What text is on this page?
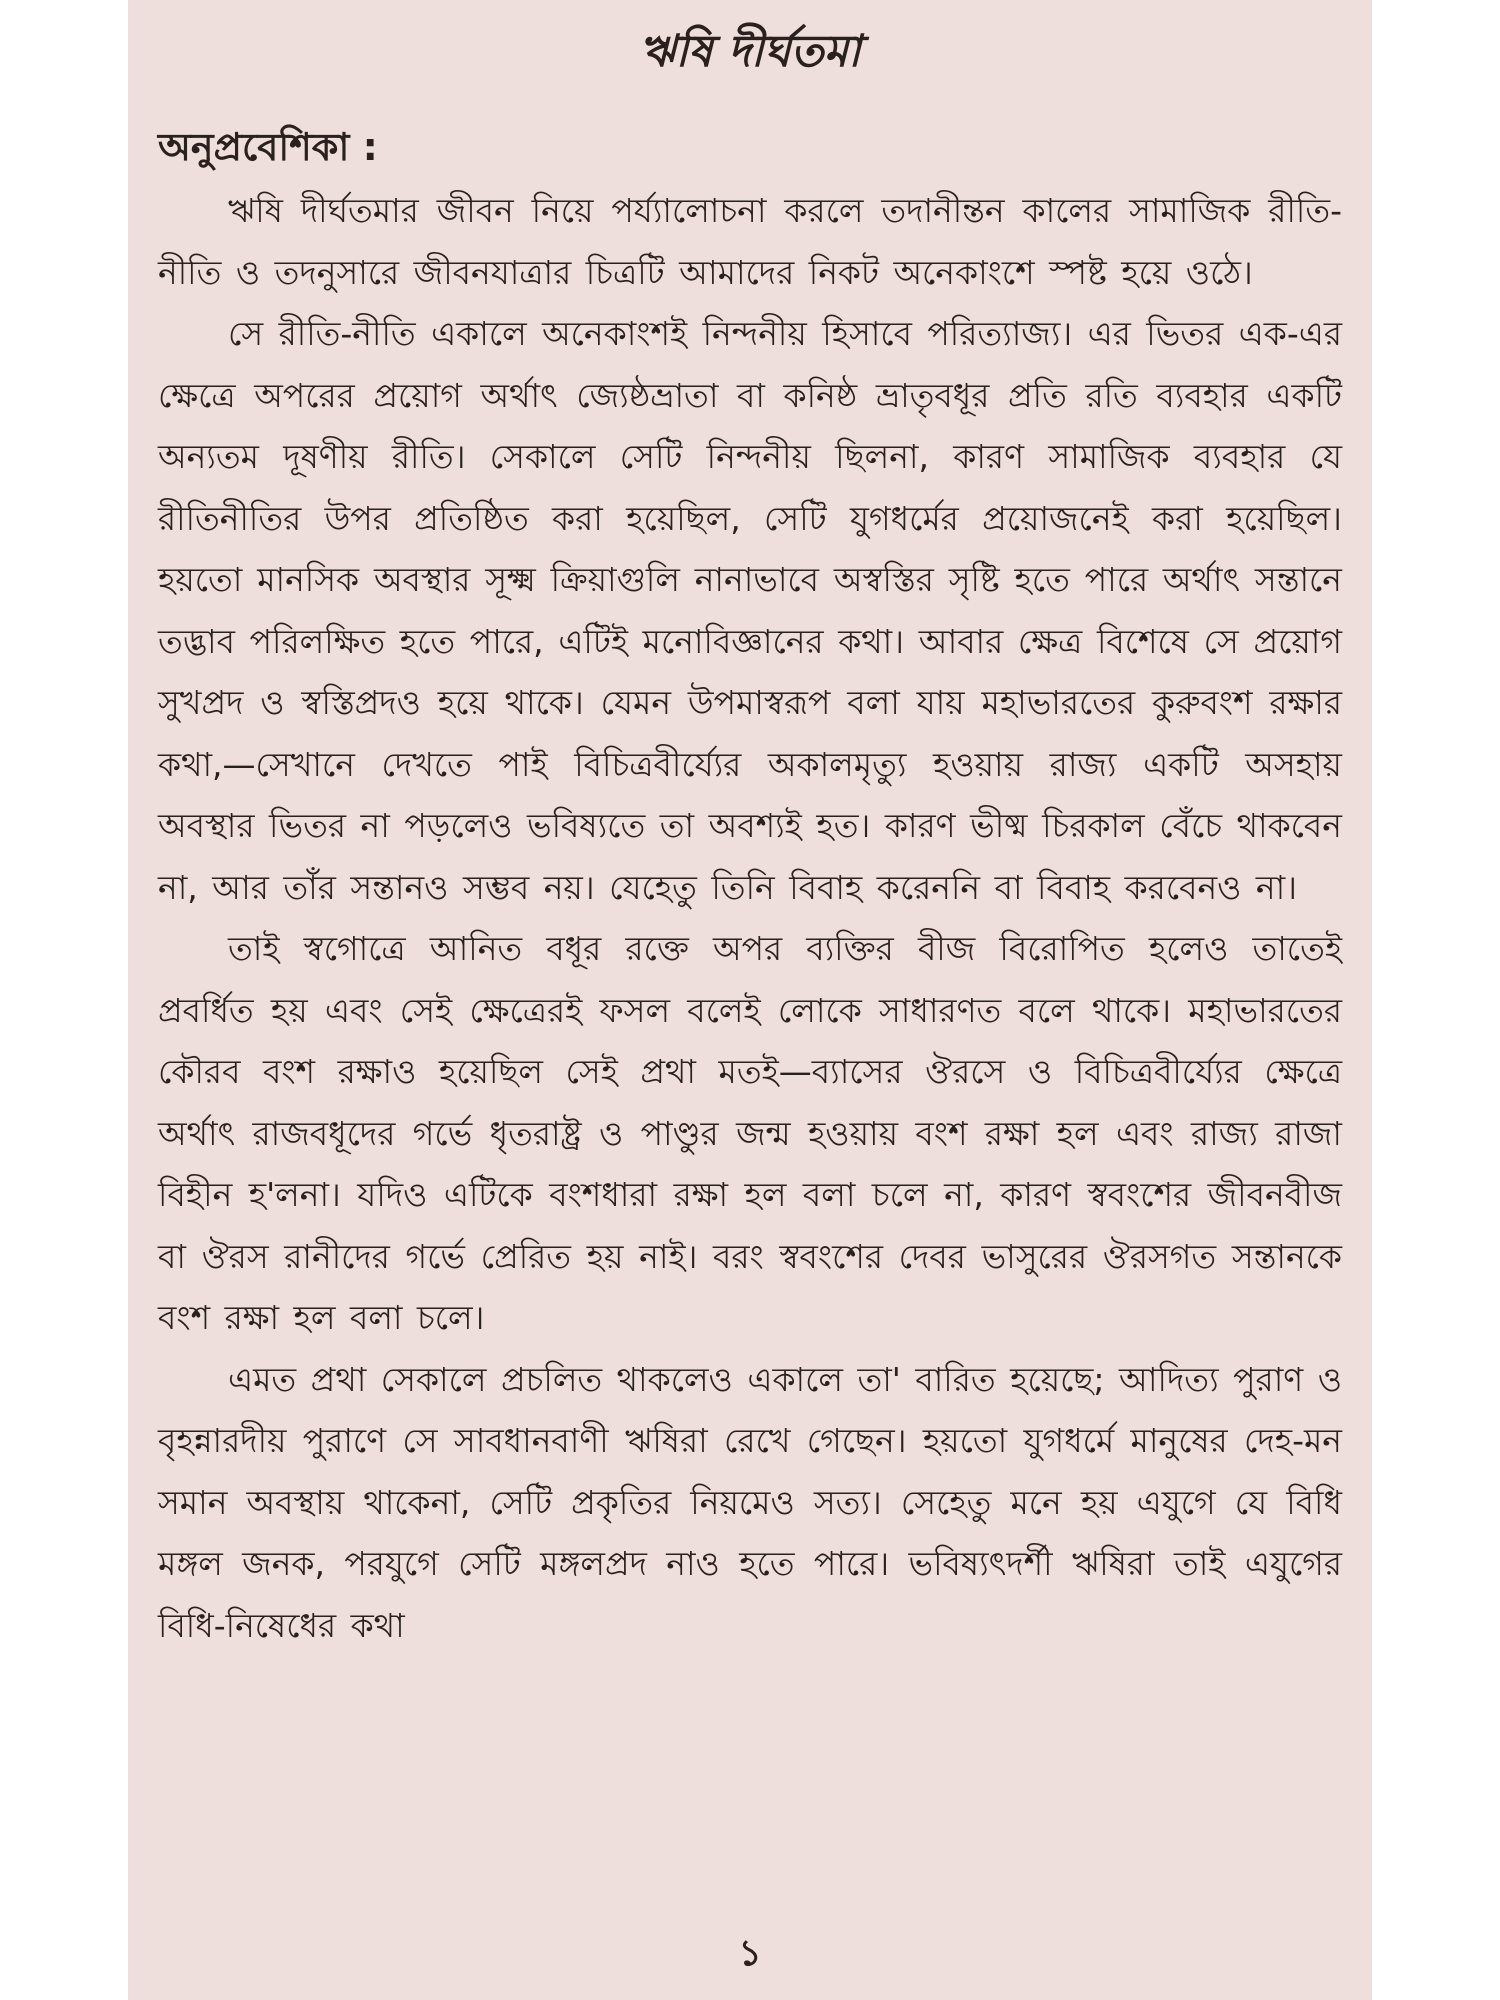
ঋষি দীর্ঘতমা
অনুপ্রবেশিকা :

ঋষি দীর্ঘতমার জীবন নিয়ে পর্য্যালোচনা করলে তদানীন্তন কালের সামাজিক রীতি-নীতি ও তদনুসারে জীবনযাত্রার চিত্রটি আমাদের নিকট অনেকাংশে স্পষ্ট হয়ে ওঠে।

সে রীতি-নীতি একালে অনেকাংশই নিন্দনীয় হিসাবে পরিত্যাজ্য। এর ভিতর এক-এর ক্ষেত্রে অপরের প্রয়োগ অর্থাৎ জ্যেষ্ঠভ্রাতা বা কনিষ্ঠ ভ্রাতৃবধূর প্রতি রতি ব্যবহার একটি অন্যতম দূষণীয় রীতি। সেকালে সেটি নিন্দনীয় ছিলনা, কারণ সামাজিক ব্যবহার যে রীতিনীতির উপর প্রতিষ্ঠিত করা হয়েছিল, সেটি যুগধর্মের প্রয়োজনেই করা হয়েছিল। হয়তো মানসিক অবস্থার সূক্ষ্ম ক্রিয়াগুলি নানাভাবে অস্বস্তির সৃষ্টি হতে পারে অর্থাৎ সন্তানে তদ্ভাব পরিলক্ষিত হতে পারে, এটিই মনোবিজ্ঞানের কথা। আবার ক্ষেত্র বিশেষে সে প্রয়োগ সুখপ্রদ ও স্বস্তিপ্রদও হয়ে থাকে। যেমন উপমাস্বরূপ বলা যায় মহাভারতের কুরুবংশ রক্ষার কথা,—সেখানে দেখতে পাই বিচিত্রবীর্য্যের অকালমৃত্যু হওয়ায় রাজ্য একটি অসহায় অবস্থার ভিতর না পড়লেও ভবিষ্যতে তা অবশ্যই হত। কারণ ভীষ্ম চিরকাল বেঁচে থাকবেন না, আর তাঁর সন্তানও সম্ভব নয়। যেহেতু তিনি বিবাহ করেননি বা বিবাহ করবেনও না।

তাই স্বগোত্রে আনিত বধূর রক্তে অপর ব্যক্তির বীজ বিরোপিত হলেও তাতেই প্রবর্ধিত হয় এবং সেই ক্ষেত্রেরই ফসল বলেই লোকে সাধারণত বলে থাকে। মহাভারতের কৌরব বংশ রক্ষাও হয়েছিল সেই প্রথা মতই—ব্যাসের ঔরসে ও বিচিত্রবীর্য্যের ক্ষেত্রে অর্থাৎ রাজবধূদের গর্ভে ধৃতরাষ্ট্র ও পাণ্ডুর জন্ম হওয়ায় বংশ রক্ষা হল এবং রাজ্য রাজা বিহীন হ'লনা। যদিও এটিকে বংশধারা রক্ষা হল বলা চলে না, কারণ স্ববংশের জীবনবীজ বা ঔরস রানীদের গর্ভে প্রেরিত হয় নাই। বরং স্ববংশের দেবর ভাসুরের ঔরসগত সন্তানকে বংশ রক্ষা হল বলা চলে।

এমত প্রথা সেকালে প্রচলিত থাকলেও একালে তা' বারিত হয়েছে; আদিত্য পুরাণ ও বৃহন্নারদীয় পুরাণে সে সাবধানবাণী ঋষিরা রেখে গেছেন। হয়তো যুগধর্মে মানুষের দেহ-মন সমান অবস্থায় থাকেনা, সেটি প্রকৃতির নিয়মেও সত্য। সেহেতু মনে হয় এযুগে যে বিধি মঙ্গল জনক, পরযুগে সেটি মঙ্গলপ্রদ নাও হতে পারে। ভবিষ্যৎদর্শী ঋষিরা তাই এযুগের বিধি-নিষেধের কথা

১
